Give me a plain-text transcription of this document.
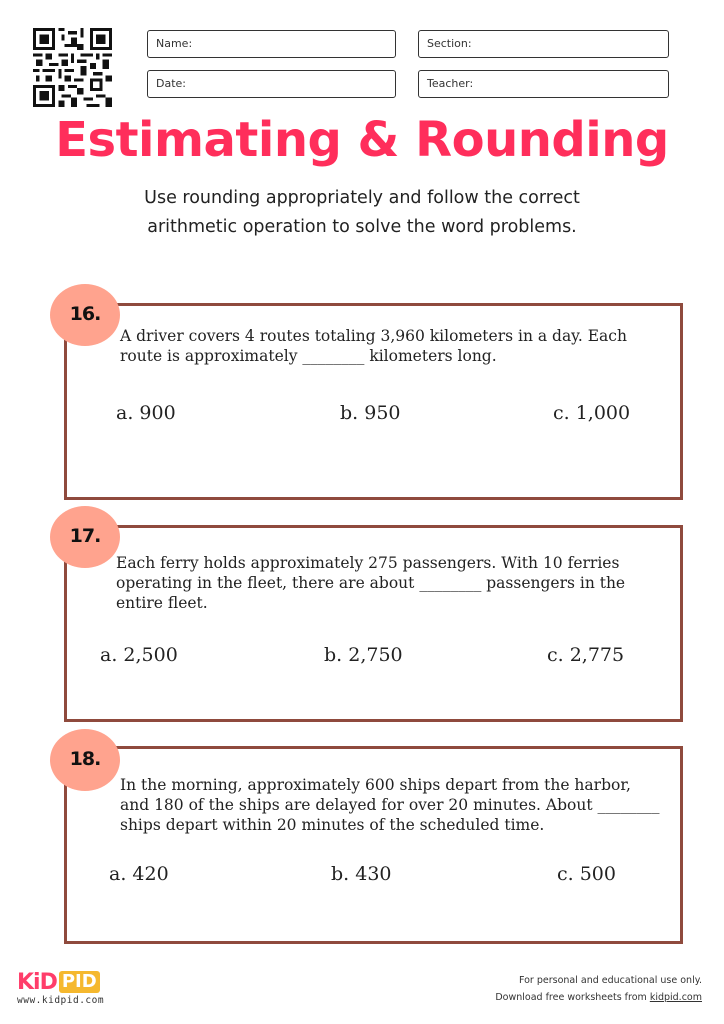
Name:	Section:
Date:	Teacher:
Estimating & Rounding
Use rounding appropriately and follow the correct
arithmetic operation to solve the word problems.
16.
A driver covers 4 routes totaling 3,960 kilometers in a day. Each route is approximately ________ kilometers long.
a. 900	b. 950	c. 1,000
17.
Each ferry holds approximately 275 passengers. With 10 ferries operating in the fleet, there are about ________ passengers in the entire fleet.
a. 2,500	b. 2,750	c. 2,775
18.
In the morning, approximately 600 ships depart from the harbor, and 180 of the ships are delayed for over 20 minutes. About ________ ships depart within 20 minutes of the scheduled time.
a. 420	b. 430	c. 500
KiD PID
www.kidpid.com
For personal and educational use only.
Download free worksheets from kidpid.com
